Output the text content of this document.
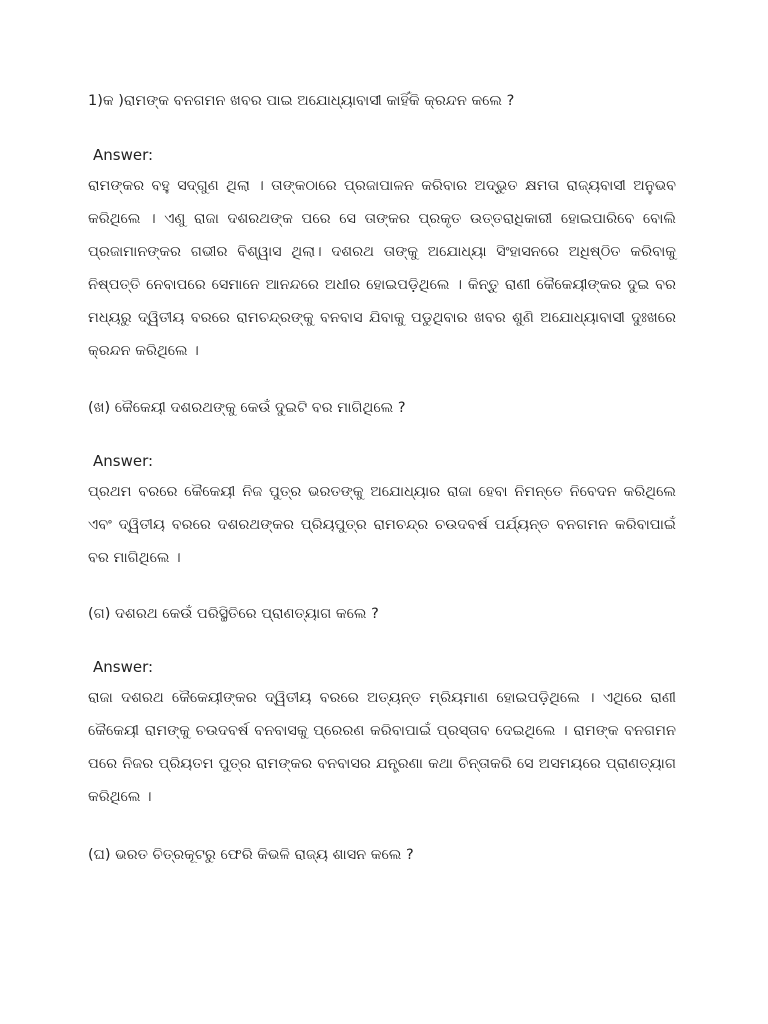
1)କ )ରାମଙ୍କ ବନଗମନ ଖବର ପାଇ ଅଯୋଧ୍ୟାବାସୀ କାହିଁକି କ୍ରନ୍ଦନ କଲେ ?
Answer:
ରାମଙ୍କର ବହୁ ସଦ୍‌ଗୁଣ ଥିଲା । ତାଙ୍କଠାରେ ପ୍ରଜାପାଳନ କରିବାର ଅଦ୍ଭୁତ କ୍ଷମତା ରାଜ୍ୟବାସୀ ଅନୁଭବ କରିଥିଲେ । ଏଣୁ ରାଜା ଦଶରଥଙ୍କ ପରେ ସେ ତାଙ୍କର ପ୍ରକୃତ ଉତ୍ତରାଧିକାରୀ ହୋଇପାରିବେ ବୋଲି ପ୍ରଜାମାନଙ୍କର ଗଭୀର ବିଶ୍ୱାସ ଥିଲା। ଦଶରଥ ତାଙ୍କୁ ଅଯୋଧ୍ୟା ସିଂହାସନରେ ଅଧିଷ୍ଠିତ କରିବାକୁ ନିଷ୍ପତ୍ତି ନେବାପରେ ସେମାନେ ଆନନ୍ଦରେ ଅଧୀର ହୋଇପଡ଼ିଥିଲେ । କିନ୍ତୁ ରାଣୀ କୈକେୟୀଙ୍କର ଦୁଇ ବର ମଧ୍ୟରୁ ଦ୍ୱିତୀୟ ବରରେ ରାମଚନ୍ଦ୍ରଙ୍କୁ ବନବାସ ଯିବାକୁ ପଡୁଥିବାର ଖବର ଶୁଣି ଅଯୋଧ୍ୟାବାସୀ ଦୁଃଖରେ କ୍ରନ୍ଦନ କରିଥିଲେ ।
(ଖ) କୈକେୟୀ ଦଶରଥଙ୍କୁ କେଉଁ ଦୁଇଟି ବର ମାଗିଥିଲେ ?
Answer:
ପ୍ରଥମ ବରରେ କୈକେୟୀ ନିଜ ପୁତ୍ର ଭରତଙ୍କୁ ଅଯୋଧ୍ୟାର ରାଜା ହେବା ନିମନ୍ତେ ନିବେଦନ କରିଥିଲେ ଏବଂ ଦ୍ୱିତୀୟ ବରରେ ଦଶରଥଙ୍କର ପ୍ରିୟପୁତ୍ର ରାମଚନ୍ଦ୍ର ଚଉଦବର୍ଷ ପର୍ଯ୍ୟନ୍ତ ବନଗମନ କରିବାପାଇଁ ବର ମାଗିଥିଲେ ।
(ଗ) ଦଶରଥ କେଉଁ ପରିସ୍ଥିତିରେ ପ୍ରାଣତ୍ୟାଗ କଲେ ?
Answer:
ରାଜା ଦଶରଥ କୈକେୟୀଙ୍କର ଦ୍ୱିତୀୟ ବରରେ ଅତ୍ୟନ୍ତ ମ୍ରିୟମାଣ ହୋଇପଡ଼ିଥିଲେ । ଏଥିରେ ରାଣୀ କୈକେୟୀ ରାମଙ୍କୁ ଚଉଦବର୍ଷ ବନବାସକୁ ପ୍ରେରଣ କରିବାପାଇଁ ପ୍ରସ୍ତାବ ଦେଇଥିଲେ । ରାମଙ୍କ ବନଗମନ ପରେ ନିଜର ପ୍ରିୟତମ ପୁତ୍ର ରାମଙ୍କର ବନବାସର ଯନ୍ତ୍ରଣା କଥା ଚିନ୍ତାକରି ସେ ଅସମୟରେ ପ୍ରାଣତ୍ୟାଗ କରିଥିଲେ ।
(ଘ) ଭରତ ଚିତ୍ରକୂଟରୁ ଫେରି କିଭଳି ରାଜ୍ୟ ଶାସନ କଲେ ?
